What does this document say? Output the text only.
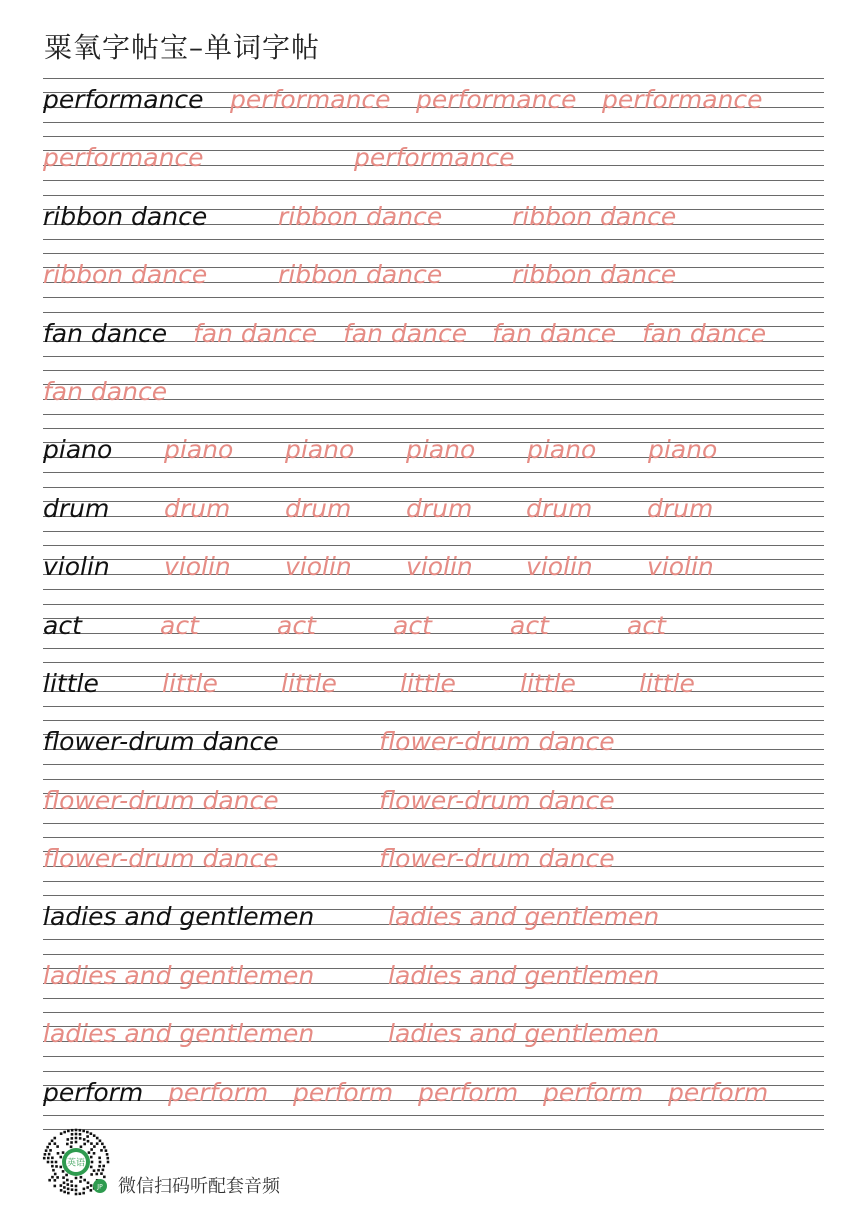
粟氧字帖宝–单词字帖
performance performance performance performance
performance	performance
ribbon dance	ribbon dance	ribbon dance
ribbon dance	ribbon dance	ribbon dance
fan dance fan dance fan dance fan dance fan dance
fan dance
piano piano piano piano piano piano
drum drum drum drum drum drum
violin violin violin violin violin violin
act	act	act	act	act	act
little	little	little	little	little	little
flower-drum dance	flower-drum dance
flower-drum dance	flower-drum dance
flower-drum dance	flower-drum dance
ladies and gentlemen	ladies and gentlemen
ladies and gentlemen	ladies and gentlemen
ladies and gentlemen	ladies and gentlemen
perform perform perform perform perform perform
英语
JP 微信扫码听配套音频
